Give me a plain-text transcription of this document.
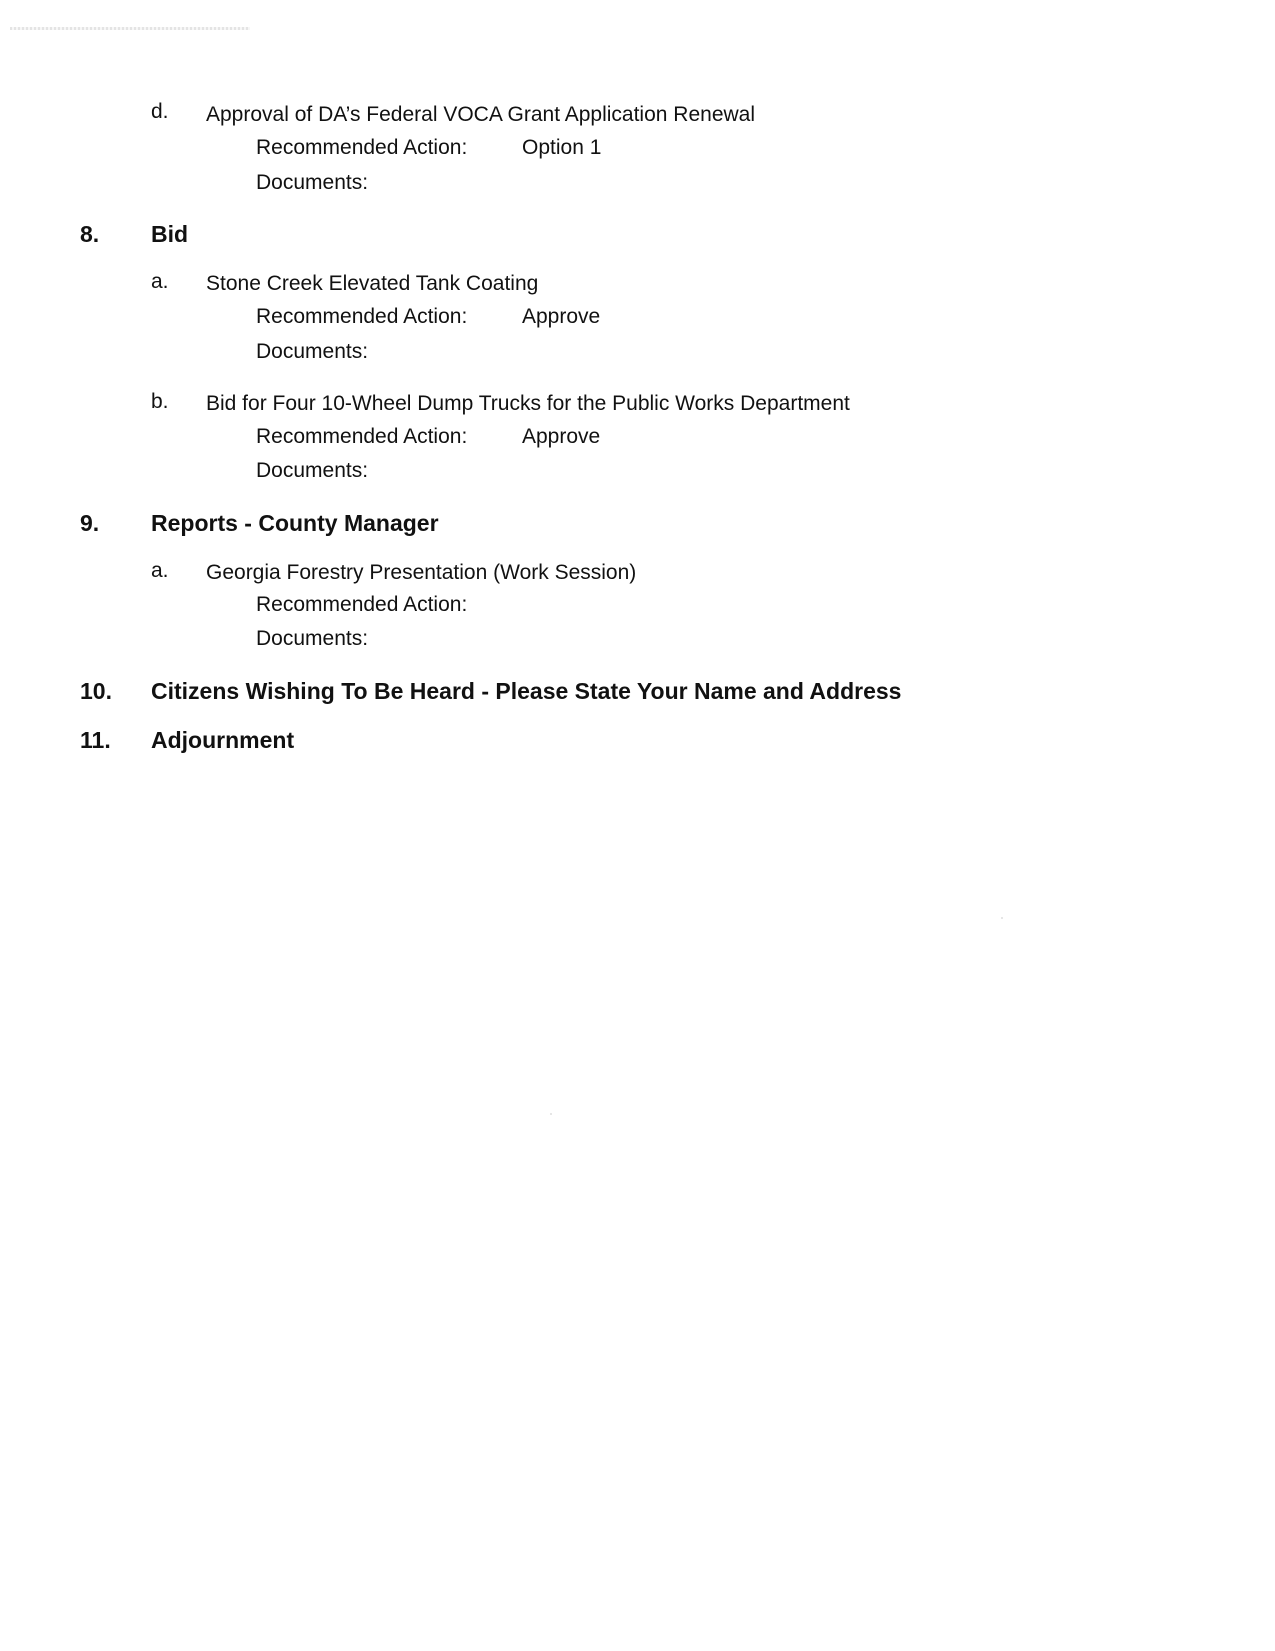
d. Approval of DA’s Federal VOCA Grant Application Renewal
Recommended Action:	Option 1
Documents:
8. Bid
a. Stone Creek Elevated Tank Coating
Recommended Action:	Approve
Documents:
b. Bid for Four 10-Wheel Dump Trucks for the Public Works Department
Recommended Action:	Approve
Documents:
9. Reports - County Manager
a. Georgia Forestry Presentation (Work Session)
Recommended Action:
Documents:
10. Citizens Wishing To Be Heard - Please State Your Name and Address
11. Adjournment
